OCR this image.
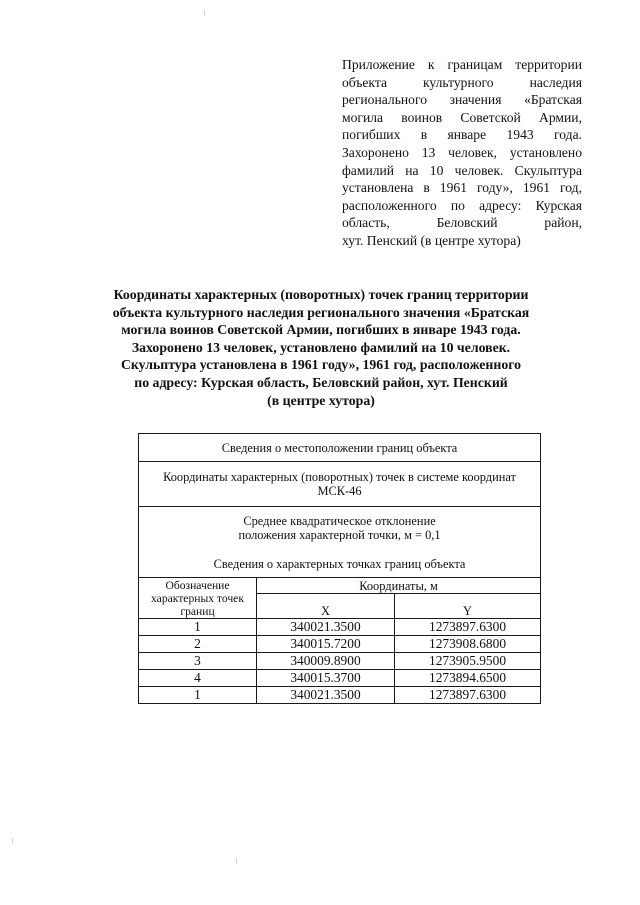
Приложение к границам территории
объекта культурного наследия
регионального значения «Братская
могила воинов Советской Армии,
погибших в январе 1943 года.
Захоронено 13 человек, установлено
фамилий на 10 человек. Скульптура
установлена в 1961 году», 1961 год,
расположенного по адресу: Курская
область, Беловский район,
хут. Пенский (в центре хутора)
Координаты характерных (поворотных) точек границ территории
объекта культурного наследия регионального значения «Братская
могила воинов Советской Армии, погибших в январе 1943 года.
Захоронено 13 человек, установлено фамилий на 10 человек.
Скульптура установлена в 1961 году», 1961 год, расположенного
по адресу: Курская область, Беловский район, хут. Пенский
(в центре хутора)
Сведения о местоположении границ объекта		

Координаты характерных (поворотных) точек в системе координат
МСК-46		

Среднее квадратическое отклонение
положения характерной точки, м = 0,1
Сведения о характерных точках границ объекта		

Обозначение характерных точек границ	Координаты, м	
	X	Y
1	340021.3500	1273897.6300
2	340015.7200	1273908.6800
3	340009.8900	1273905.9500
4	340015.3700	1273894.6500
1	340021.3500	1273897.6300
